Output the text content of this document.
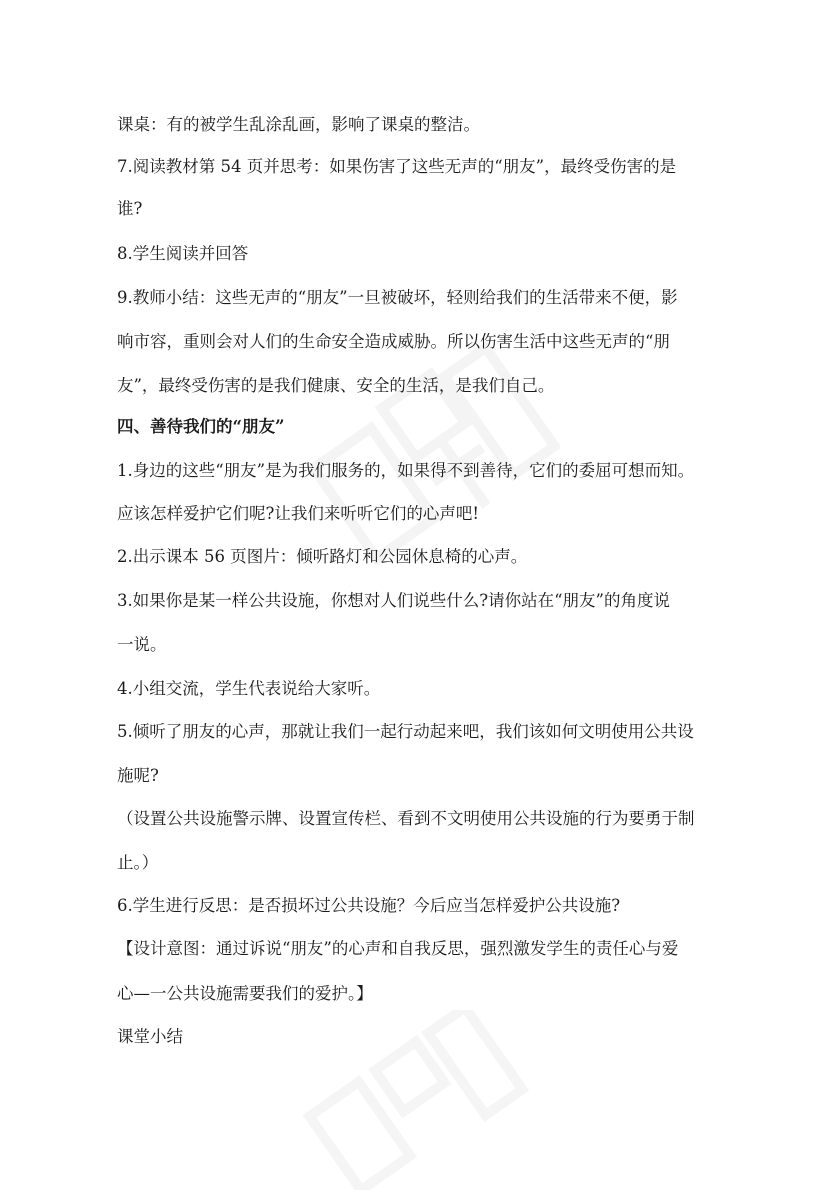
课桌：有的被学生乱涂乱画，影响了课桌的整洁。
7.阅读教材第 54 页并思考：如果伤害了这些无声的“朋友”，最终受伤害的是
谁?
8.学生阅读并回答
9.教师小结：这些无声的“朋友”一旦被破坏，轻则给我们的生活带来不便，影
响市容，重则会对人们的生命安全造成威胁。所以伤害生活中这些无声的“朋
友”，最终受伤害的是我们健康、安全的生活，是我们自己。
四、善待我们的“朋友”
1.身边的这些“朋友”是为我们服务的，如果得不到善待，它们的委屈可想而知。
应该怎样爱护它们呢?让我们来听听它们的心声吧!
2.出示课本 56 页图片：倾听路灯和公园休息椅的心声。
3.如果你是某一样公共设施，你想对人们说些什么?请你站在“朋友”的角度说
一说。
4.小组交流，学生代表说给大家听。
5.倾听了朋友的心声，那就让我们一起行动起来吧，我们该如何文明使用公共设
施呢?
（设置公共设施警示牌、设置宣传栏、看到不文明使用公共设施的行为要勇于制
止。）
6.学生进行反思：是否损坏过公共设施？今后应当怎样爱护公共设施?
【设计意图：通过诉说“朋友”的心声和自我反思，强烈激发学生的责任心与爱
心—一公共设施需要我们的爱护。】
课堂小结
